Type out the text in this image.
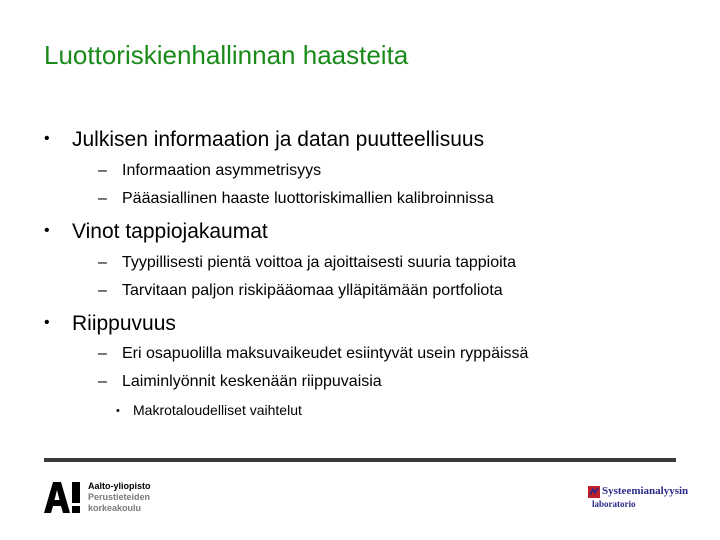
Luottoriskienhallinnan haasteita
• Julkisen informaation ja datan puutteellisuus
– Informaation asymmetrisyys
– Pääasiallinen haaste luottoriskimallien kalibroinnissa
• Vinot tappiojakaumat
– Tyypillisesti pientä voittoa ja ajoittaisesti suuria tappioita
– Tarvitaan paljon riskipääomaa ylläpitämään portfoliota
• Riippuvuus
– Eri osapuolilla maksuvaikeudet esiintyvät usein ryppäissä
– Laiminlyönnit keskenään riippuvaisia
• Makrotaloudelliset vaihtelut
Aalto-yliopisto
Perustieteiden
korkeakoulu
Systeemianalyysin
laboratorio
